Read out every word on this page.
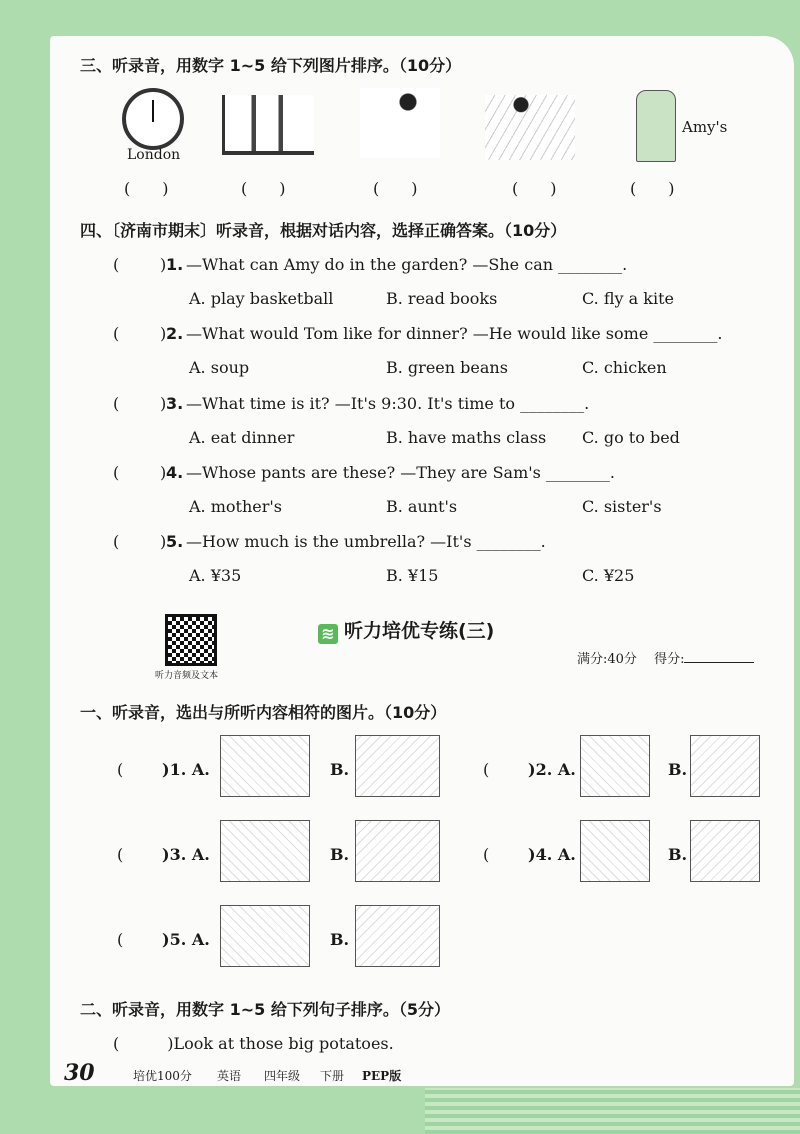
三、听录音，用数字 1~5 给下列图片排序。（10分）
London
Amy's
(　　)	(　　)	(　　)	(　　)	(　　)
四、〔济南市期末〕听录音，根据对话内容，选择正确答案。（10分）
(	) 1. —What can Amy do in the garden? —She can ________.
A. play basketball	B. read books	C. fly a kite
(	) 2. —What would Tom like for dinner? —He would like some ________.
A. soup	B. green beans	C. chicken
(	) 3. —What time is it? —It's 9:30. It's time to ________.
A. eat dinner	B. have maths class C. go to bed
(	) 4. —Whose pants are these? —They are Sam's ________.
A. mother's	B. aunt's	C. sister's
(	) 5. —How much is the umbrella? —It's ________.
A. ¥35	B. ¥15	C. ¥25
听力音频及文本
≋ 听力培优专练(三)
满分:40分　 得分:
一、听录音，选出与所听内容相符的图片。（10分）
( )1. A.	B.	( )2. A.	B.
( )3. A.	B.	( )4. A.	B.
( )5. A.	B.
二、听录音，用数字 1~5 给下列句子排序。（5分）
(　　　)Look at those big potatoes.
30	培优100分 英语 四年级 下册 PEP版
